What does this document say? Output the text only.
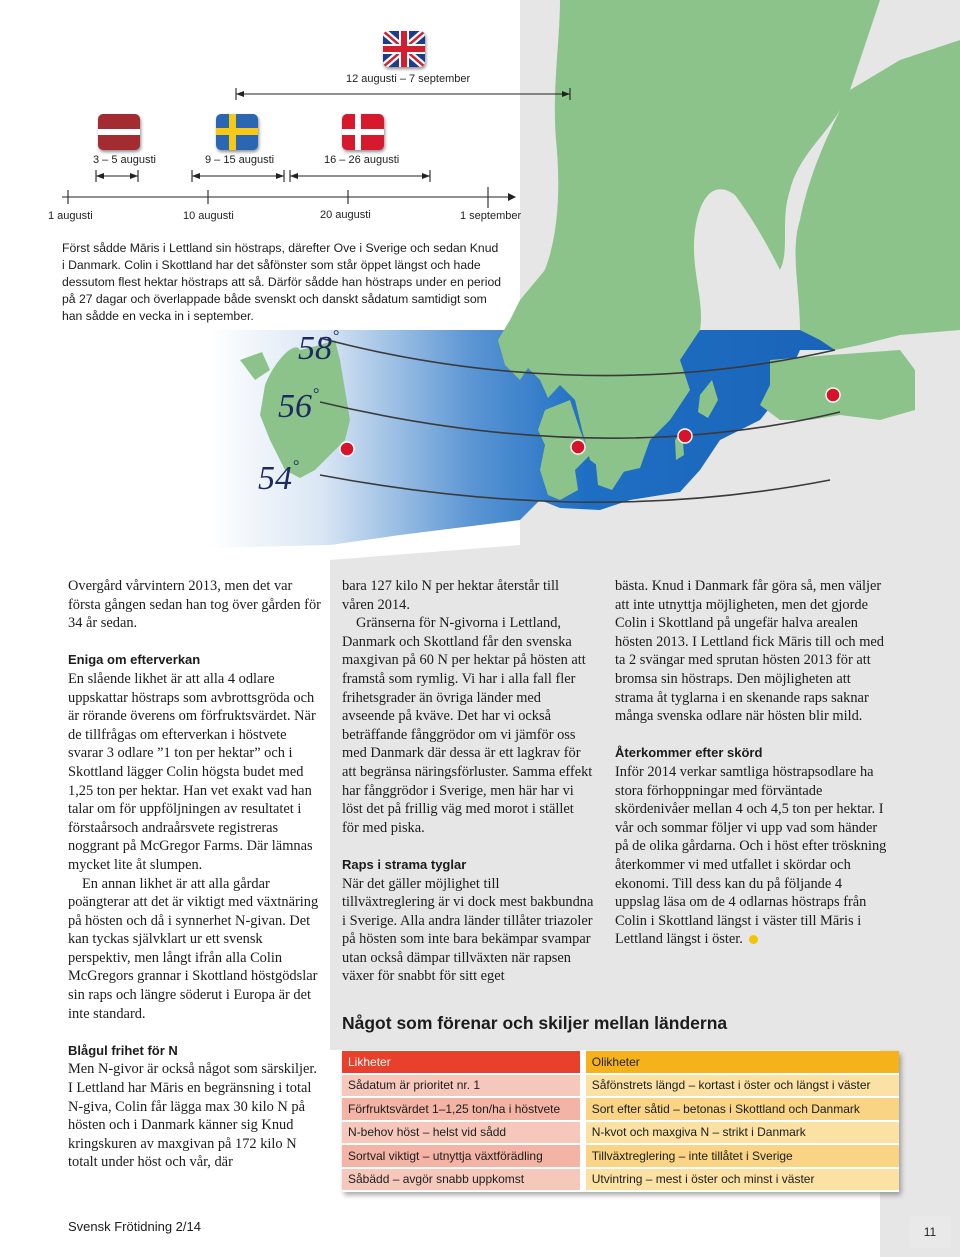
12 augusti – 7 september
3 – 5 augusti	9 – 15 augusti	16 – 26 augusti
1 augusti	10 augusti	20 augusti	1 september

Först sådde Māris i Lettland sin höstraps, därefter Ove i Sverige och sedan Knud i Danmark. Colin i Skottland har det såfönster som står öppet längst och hade dessutom flest hektar höstraps att så. Därför sådde han höstraps under en period på 27 dagar och överlappade både svenskt och danskt sådatum samtidigt som han sådde en vecka in i september.

58°
56°
54°

Overgård vårvintern 2013, men det var första gången sedan han tog över gården för 34 år sedan.

Eniga om efterverkan

En slående likhet är att alla 4 odlare uppskattar höstraps som avbrottsgröda och är rörande överens om förfruktsvärdet. När de tillfrågas om efterverkan i höstvete svarar 3 odlare ”1 ton per hektar” och i Skottland lägger Colin högsta budet med 1,25 ton per hektar. Han vet exakt vad han talar om för uppföljningen av resultatet i förstaårsoch andraårsvete registreras noggrant på McGregor Farms. Där lämnas mycket lite åt slumpen.

En annan likhet är att alla gårdar poängterar att det är viktigt med växtnäring på hösten och då i synnerhet N-givan. Det kan tyckas självklart ur ett svensk perspektiv, men långt ifrån alla Colin McGregors grannar i Skottland höstgödslar sin raps och längre söderut i Europa är det inte standard.

Blågul frihet för N

Men N-givor är också något som särskiljer. I Lettland har Māris en begränsning i total N-giva, Colin får lägga max 30 kilo N på hösten och i Danmark känner sig Knud kringskuren av maxgivan på 172 kilo N totalt under höst och vår, där

bara 127 kilo N per hektar återstår till våren 2014.

Gränserna för N-givorna i Lettland, Danmark och Skottland får den svenska maxgivan på 60 N per hektar på hösten att framstå som rymlig. Vi har i alla fall fler frihetsgrader än övriga länder med avseende på kväve. Det har vi också beträffande fånggrödor om vi jämför oss med Danmark där dessa är ett lagkrav för att begränsa näringsförluster. Samma effekt har fånggrödor i Sverige, men här har vi löst det på frillig väg med morot i stället för med piska.

Raps i strama tyglar

När det gäller möjlighet till tillväxtreglering är vi dock mest bakbundna i Sverige. Alla andra länder tillåter triazoler på hösten som inte bara bekämpar svampar utan också dämpar tillväxten när rapsen växer för snabbt för sitt eget

bästa. Knud i Danmark får göra så, men väljer att inte utnyttja möjligheten, men det gjorde Colin i Skottland på ungefär halva arealen hösten 2013. I Lettland fick Māris till och med ta 2 svängar med sprutan hösten 2013 för att bromsa sin höstraps. Den möjligheten att strama åt tyglarna i en skenande raps saknar många svenska odlare när hösten blir mild.

Återkommer efter skörd

Inför 2014 verkar samtliga höstrapsodlare ha stora förhoppningar med förväntade skördenivåer mellan 4 och 4,5 ton per hektar. I vår och sommar följer vi upp vad som händer på de olika gårdarna. Och i höst efter tröskning återkommer vi med utfallet i skördar och ekonomi. Till dess kan du på följande 4 uppslag läsa om de 4 odlarnas höstraps från Colin i Skottland längst i väster till Māris i Lettland längst i öster.

Något som förenar och skiljer mellan länderna
Likheter	Olikheter
Sådatum är prioritet nr. 1	Såfönstrets längd – kortast i öster och längst i väster
Förfruktsvärdet 1–1,25 ton/ha i höstvete	Sort efter såtid – betonas i Skottland och Danmark
N-behov höst – helst vid sådd	N-kvot och maxgiva N – strikt i Danmark
Sortval viktigt – utnyttja växtförädling	Tillväxtreglering – inte tillåtet i Sverige
Såbädd – avgör snabb uppkomst	Utvintring – mest i öster och minst i väster
Svensk Frötidning 2/14	11
